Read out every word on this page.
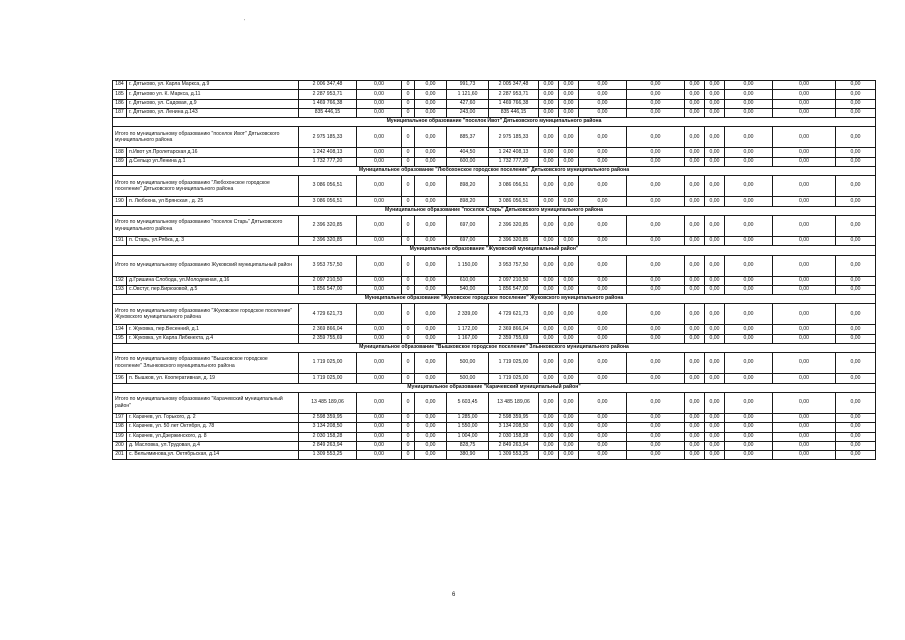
'
184	г. Дятьково, ул. Карла Маркса, д.9	2 006 347,48	0,00	0	0,00	991,73	2 005 347,48	0,00	0,00	0,00	0,00	0,00	0,00	0,00	0,00	0,00
185	г. Дятьково ул. К. Маркса, д.11	2 287 953,71	0,00	0	0,00	1 121,60	2 287 953,71	0,00	0,00	0,00	0,00	0,00	0,00	0,00	0,00	0,00
186	г. Дятьково, ул. Садовая, д.9	1 469 766,38	0,00	0	0,00	427,60	1 469 766,38	0,00	0,00	0,00	0,00	0,00	0,00	0,00	0,00	0,00
187	г. Дятьково, ул. Ленина д.143	835 446,15	0,00	0	0,00	243,00	835 446,15	0,00	0,00	0,00	0,00	0,00	0,00	0,00	0,00	0,00
Муниципальное образование "поселок Ивот" Дятьковского муниципального района																
Итого по муниципальному образованию "поселок Ивот" Дятьковского муниципального района		2 975 185,33	0,00	0	0,00	885,37	2 975 185,33	0,00	0,00	0,00	0,00	0,00	0,00	0,00	0,00	0,00
188	п.Ивот ул.Пролетарская д.16	1 242 408,13	0,00	0	0,00	404,50	1 242 408,13	0,00	0,00	0,00	0,00	0,00	0,00	0,00	0,00	0,00
189	д.Сельцо ул.Ленина д.1	1 732 777,20	0,00	0	0,00	600,00	1 732 777,20	0,00	0,00	0,00	0,00	0,00	0,00	0,00	0,00	0,00
Муниципальное образование "Любохонское городское поселение" Дятьковского муниципального района																
Итого по муниципальному образованию "Любохонское городское поселение" Дятьковского муниципального района		3 086 056,51	0,00	0	0,00	898,20	3 086 056,51	0,00	0,00	0,00	0,00	0,00	0,00	0,00	0,00	0,00
190	п. Любохна, ул Брянская , д. 25	3 086 056,51	0,00	0	0,00	898,20	3 086 056,51	0,00	0,00	0,00	0,00	0,00	0,00	0,00	0,00	0,00
Муниципальное образование "поселок Старь" Дятьковского муниципального района																
Итого по муниципальному образованию "поселок Старь" Дятьковского муниципального района		2 396 320,85	0,00	0	0,00	697,00	2 396 320,85	0,00	0,00	0,00	0,00	0,00	0,00	0,00	0,00	0,00
191	п. Старь, ул.Рябка, д. 3	2 396 320,85	0,00	0	0,00	697,00	2 396 320,85	0,00	0,00	0,00	0,00	0,00	0,00	0,00	0,00	0,00
Муниципальное образование "Жуковский муниципальный район"																
Итого по муниципальному образованию Жуковский муниципальный район		3 953 757,50	0,00	0	0,00	1 150,00	3 953 757,50	0,00	0,00	0,00	0,00	0,00	0,00	0,00	0,00	0,00
192	д.Гришина Слобода, ул.Молодежная, д.16	2 097 210,50	0,00	0	0,00	610,00	2 097 210,50	0,00	0,00	0,00	0,00	0,00	0,00	0,00	0,00	0,00
193	с.Овстуг, пер.Бирюзовой, д.5	1 856 547,00	0,00	0	0,00	540,00	1 856 547,00	0,00	0,00	0,00	0,00	0,00	0,00	0,00	0,00	0,00
Муниципальное образование "Жуковское городское поселение" Жуковского муниципального района																
Итого по муниципальному образованию "Жуковское городское поселение" Жуковского муниципального района		4 729 621,73	0,00	0	0,00	2 339,00	4 729 621,73	0,00	0,00	0,00	0,00	0,00	0,00	0,00	0,00	0,00
194	г. Жуковка, пер.Весенний, д.1	2 369 866,04	0,00	0	0,00	1 172,00	2 369 866,04	0,00	0,00	0,00	0,00	0,00	0,00	0,00	0,00	0,00
195	г. Жуковка, ул Карла Либкнехта, д.4	2 359 755,69	0,00	0	0,00	1 167,00	2 359 755,69	0,00	0,00	0,00	0,00	0,00	0,00	0,00	0,00	0,00
Муниципальное образование "Вышковское городское поселение" Злынковского муниципального района																
Итого по муниципальному образованию "Вышковское городское поселение" Злынковского муниципального района		1 719 025,00	0,00	0	0,00	500,00	1 719 025,00	0,00	0,00	0,00	0,00	0,00	0,00	0,00	0,00	0,00
196	п. Вышков, ул. Кооперативная, д. 19	1 719 025,00	0,00	0	0,00	500,00	1 719 025,00	0,00	0,00	0,00	0,00	0,00	0,00	0,00	0,00	0,00
Муниципальное образование "Карачевский муниципальный район"																
Итого по муниципальному образованию "Карачевский муниципальный район"		13 485 189,06	0,00	0	0,00	5 603,45	13 485 189,06	0,00	0,00	0,00	0,00	0,00	0,00	0,00	0,00	0,00
197	г. Карачев, ул. Горького, д. 2	2 598 359,95	0,00	0	0,00	1 285,00	2 598 359,95	0,00	0,00	0,00	0,00	0,00	0,00	0,00	0,00	0,00
198	г. Карачев, ул. 50 лет Октября, д. 78	3 134 208,50	0,00	0	0,00	1 550,00	3 134 208,50	0,00	0,00	0,00	0,00	0,00	0,00	0,00	0,00	0,00
199	г. Карачев, ул.Дзержинского, д. 8	2 030 158,28	0,00	0	0,00	1 004,00	2 030 158,28	0,00	0,00	0,00	0,00	0,00	0,00	0,00	0,00	0,00
200	д. Масловка, ул.Трудовая, д.4	2 849 263,94	0,00	0	0,00	828,75	2 849 263,94	0,00	0,00	0,00	0,00	0,00	0,00	0,00	0,00	0,00
201	с. Вельяминова,ул. Октябрьская, д.14	1 309 553,25	0,00	0	0,00	380,90	1 309 553,25	0,00	0,00	0,00	0,00	0,00	0,00	0,00	0,00	0,00
6
